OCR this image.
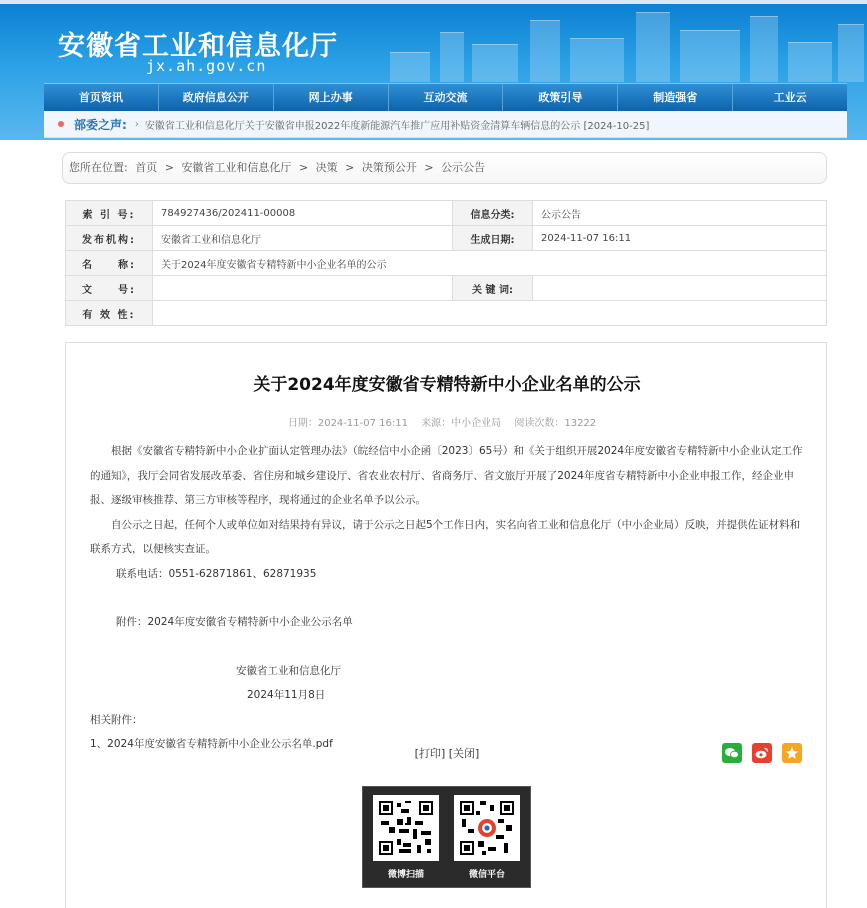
安徽省工业和信息化厅
jx.ah.gov.cn
首页资讯	政府信息公开	网上办事	互动交流	政策引导	制造强省	工业云
部委之声: › 安徽省工业和信息化厅关于安徽省申报2022年度新能源汽车推广应用补贴资金清算车辆信息的公示 [2024-10-25]
您所在位置: 首页 > 安徽省工业和信息化厅 > 决策 > 决策预公开 > 公示公告
索 引 号:	784927436/202411-00008	信息分类:	公示公告
发布机构:	安徽省工业和信息化厅	生成日期:	2024-11-07 16:11
名　　称:	关于2024年度安徽省专精特新中小企业名单的公示		
文　　号:		关 键 词:	
有 效 性:			
关于2024年度安徽省专精特新中小企业名单的公示
日期：2024-11-07 16:11 来源：中小企业局 阅读次数：13222

根据《安徽省专精特新中小企业扩面认定管理办法》（皖经信中小企函〔2023〕65号）和《关于组织开展2024年度安徽省专精特新中小企业认定工作的通知》，我厅会同省发展改革委、省住房和城乡建设厅、省农业农村厅、省商务厅、省文旅厅开展了2024年度省专精特新中小企业申报工作，经企业申报、逐级审核推荐、第三方审核等程序，现将通过的企业名单予以公示。

自公示之日起，任何个人或单位如对结果持有异议，请于公示之日起5个工作日内，实名向省工业和信息化厅（中小企业局）反映，并提供佐证材料和联系方式，以便核实查证。

联系电话：0551-62871861、62871935

附件：2024年度安徽省专精特新中小企业公示名单

安徽省工业和信息化厅

2024年11月8日

相关附件：

1、2024年度安徽省专精特新中小企业公示名单.pdf

[打印] [关闭]
微博扫描	微信平台
